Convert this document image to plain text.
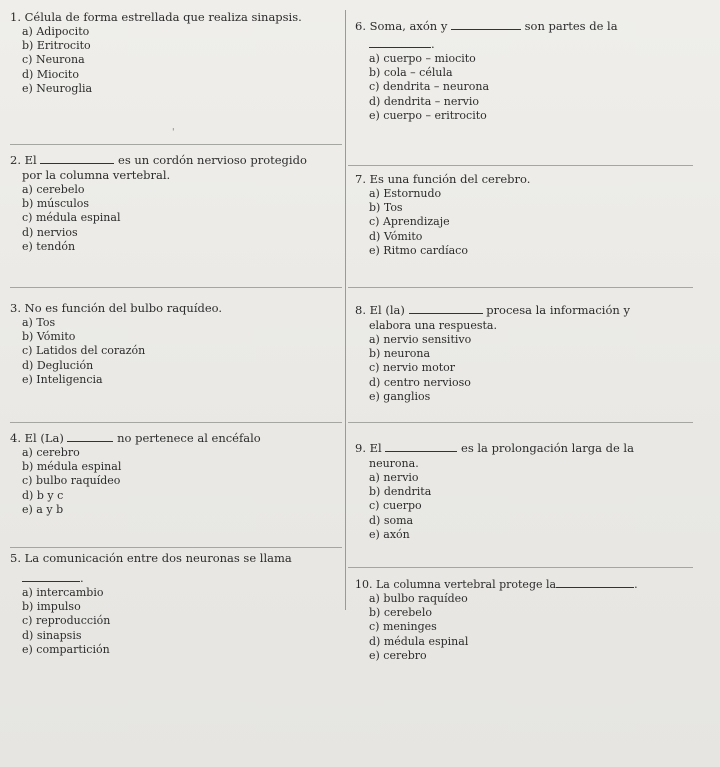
'
1. Célula de forma estrellada que realiza sinapsis.
a) Adipocito
b) Eritrocito
c) Neurona
d) Miocito
e) Neuroglia
2. El	es un cordón nervioso protegido
por la columna vertebral.
a) cerebelo
b) músculos
c) médula espinal
d) nervios
e) tendón
3. No es función del bulbo raquídeo.
a) Tos
b) Vómito
c) Latidos del corazón
d) Deglución
e) Inteligencia
4. El (La)	no pertenece al encéfalo
a) cerebro
b) médula espinal
c) bulbo raquídeo
d) b y c
e) a y b
5. La comunicación entre dos neuronas se llama
.
a) intercambio
b) impulso
c) reproducción
d) sinapsis
e) compartición
6. Soma, axón y	son partes de la
.
a) cuerpo – miocito
b) cola – célula
c) dendrita – neurona
d) dendrita – nervio
e) cuerpo – eritrocito
7. Es una función del cerebro.
a) Estornudo
b) Tos
c) Aprendizaje
d) Vómito
e) Ritmo cardíaco
8. El (la)	procesa la información y
elabora una respuesta.
a) nervio sensitivo
b) neurona
c) nervio motor
d) centro nervioso
e) ganglios
9. El	es la prolongación larga de la
neurona.
a) nervio
b) dendrita
c) cuerpo
d) soma
e) axón
10. La columna vertebral protege la	.
a) bulbo raquídeo
b) cerebelo
c) meninges
d) médula espinal
e) cerebro
